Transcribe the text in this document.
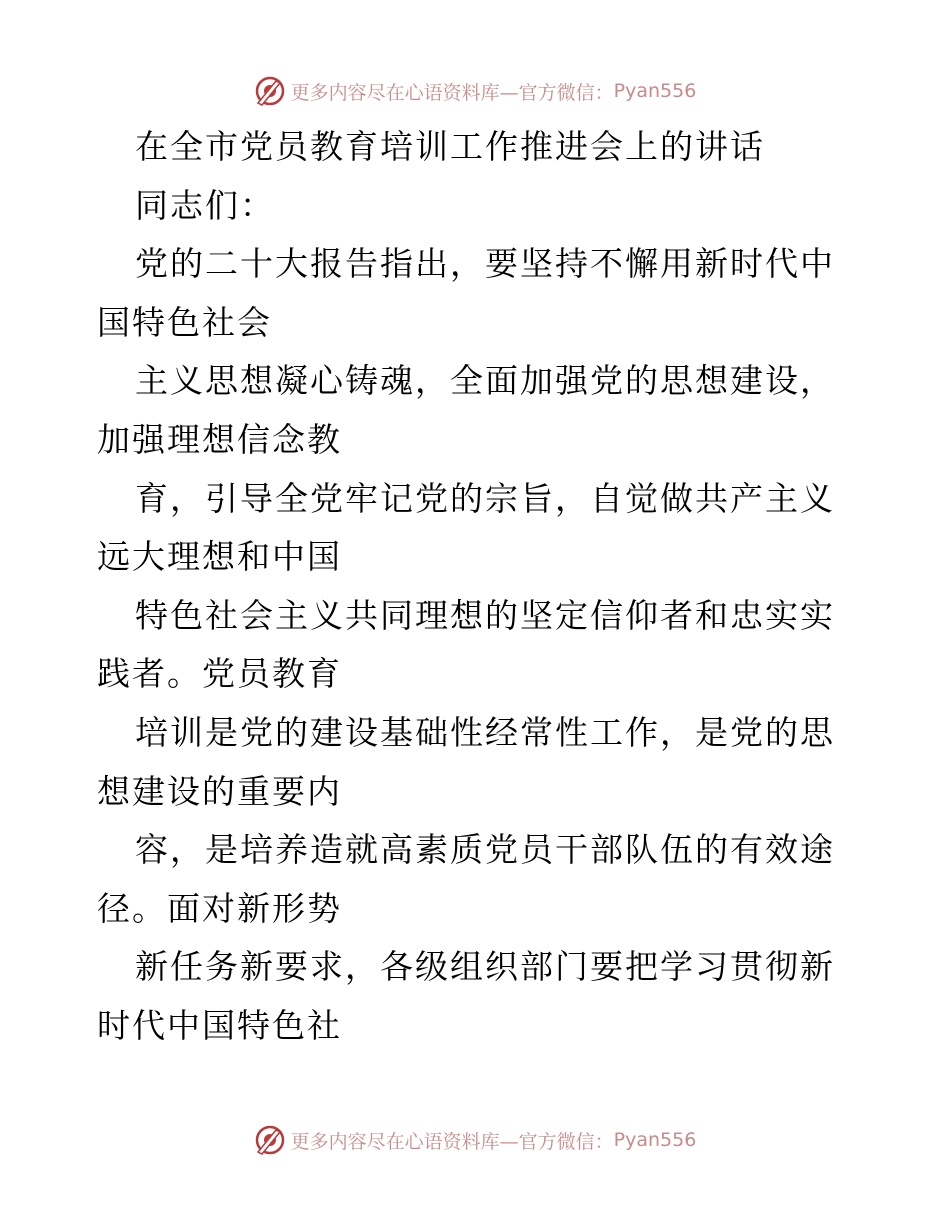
更多内容尽在心语资料库—官方微信： Pyan556

在全市党员教育培训工作推进会上的讲话

同志们：

党的二十大报告指出，要坚持不懈用新时代中国特色社会

主义思想凝心铸魂，全面加强党的思想建设，加强理想信念教

育，引导全党牢记党的宗旨，自觉做共产主义远大理想和中国

特色社会主义共同理想的坚定信仰者和忠实实践者。党员教育

培训是党的建设基础性经常性工作，是党的思想建设的重要内

容，是培养造就高素质党员干部队伍的有效途径。面对新形势

新任务新要求，各级组织部门要把学习贯彻新时代中国特色社

更多内容尽在心语资料库—官方微信： Pyan556
